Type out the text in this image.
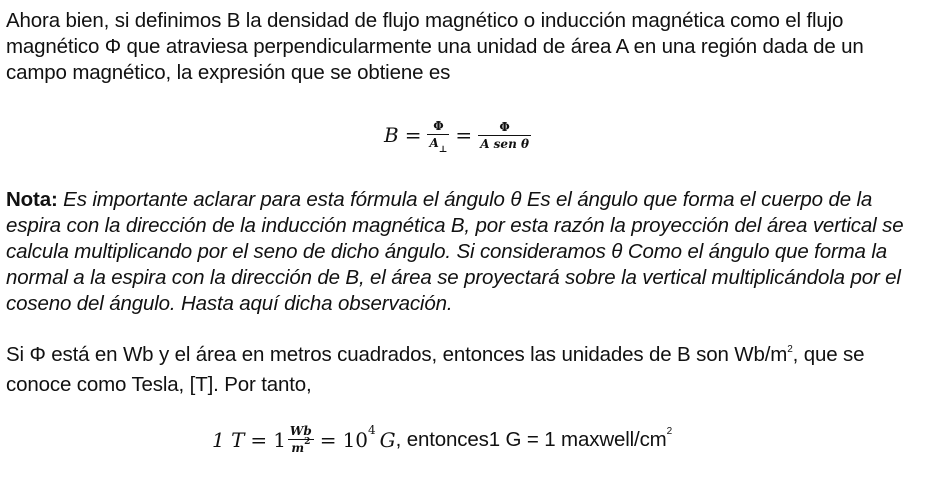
Ahora bien, si definimos B la densidad de flujo magnético o inducción magnética como el flujo magnético Φ que atraviesa perpendicularmente una unidad de área A en una región dada de un campo magnético, la expresión que se obtiene es
$B = \frac{\Phi}{A_\perp} = \frac{\Phi}{\text{A sen θ}}$
Nota: Es importante aclarar para esta fórmula el ángulo θ Es el ángulo que forma el cuerpo de la espira con la dirección de la inducción magnética B, por esta razón la proyección del área vertical se calcula multiplicando por el seno de dicho ángulo. Si consideramos θ Como el ángulo que forma la normal a la espira con la dirección de B, el área se proyectará sobre la vertical multiplicándola por el coseno del ángulo. Hasta aquí dicha observación.
Si Φ está en Wb y el área en metros cuadrados, entonces las unidades de B son $Wb/m^2$, que se conoce como Tesla, [T]. Por tanto,
1 $T = 1 \frac{Wb}{m^2} = 10$ 4 G , entonces 1 G = 1 maxwell/cm 2
